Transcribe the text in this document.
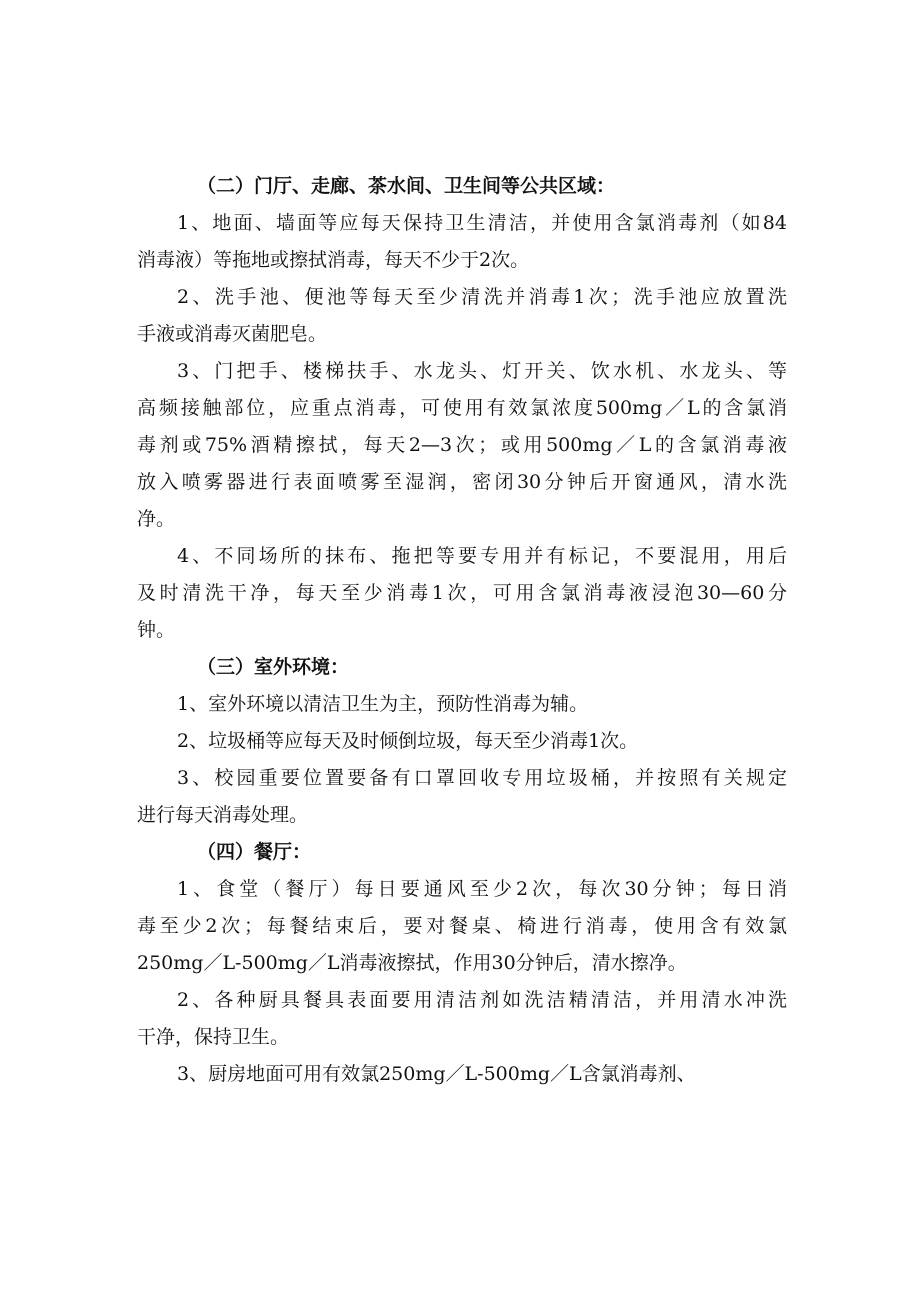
（二）门厅、走廊、茶水间、卫生间等公共区域：
1、地面、墙面等应每天保持卫生清洁，并使用含氯消毒剂（如84
消毒液）等拖地或擦拭消毒，每天不少于2次。
2、洗手池、便池等每天至少清洗并消毒1次；洗手池应放置洗
手液或消毒灭菌肥皂。
3、门把手、楼梯扶手、水龙头、灯开关、饮水机、水龙头、等
高频接触部位，应重点消毒，可使用有效氯浓度500mg／L的含氯消
毒剂或75%酒精擦拭，每天2—3次；或用500mg／L的含氯消毒液
放入喷雾器进行表面喷雾至湿润，密闭30分钟后开窗通风，清水洗
净。
4、不同场所的抹布、拖把等要专用并有标记，不要混用，用后
及时清洗干净，每天至少消毒1次，可用含氯消毒液浸泡30—60分
钟。
（三）室外环境：
1、室外环境以清洁卫生为主，预防性消毒为辅。
2、垃圾桶等应每天及时倾倒垃圾，每天至少消毒1次。
3、校园重要位置要备有口罩回收专用垃圾桶，并按照有关规定
进行每天消毒处理。
（四）餐厅：
1、食堂（餐厅）每日要通风至少2次，每次30分钟；每日消
毒至少2次；每餐结束后，要对餐桌、椅进行消毒，使用含有效氯
250mg／L-500mg／L消毒液擦拭，作用30分钟后，清水擦净。
2、各种厨具餐具表面要用清洁剂如洗洁精清洁，并用清水冲洗
干净，保持卫生。
3、厨房地面可用有效氯250mg／L-500mg／L含氯消毒剂、
